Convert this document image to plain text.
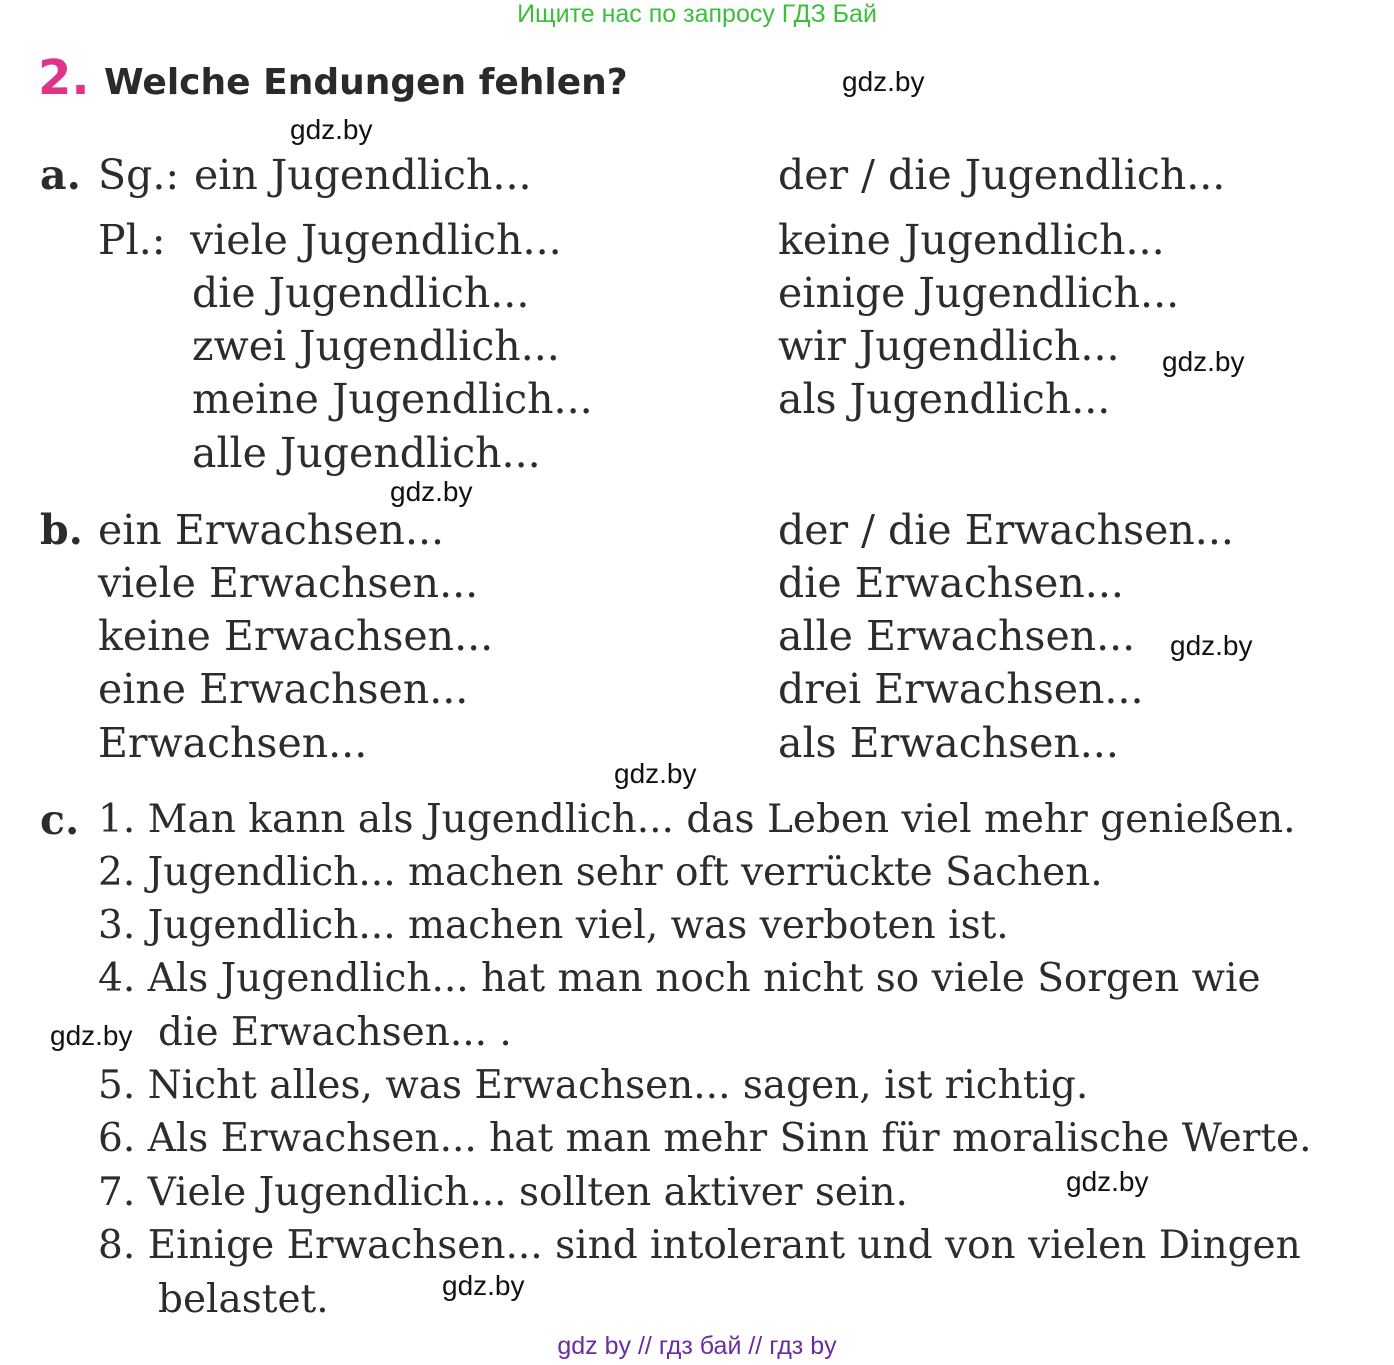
Ищите нас по запросу ГДЗ Бай
2. Welche Endungen fehlen?	gdz.by
gdz.by
gdz.by
gdz.by
gdz.by
gdz.by
gdz.by
gdz.by
gdz.by
a. Sg.: ein Jugendlich...
Pl.: viele Jugendlich...
die Jugendlich...
zwei Jugendlich...
meine Jugendlich...
alle Jugendlich...
der / die Jugendlich...
keine Jugendlich...
einige Jugendlich...
wir Jugendlich...
als Jugendlich...
b. ein Erwachsen...
viele Erwachsen...
keine Erwachsen...
eine Erwachsen...
Erwachsen...
der / die Erwachsen...
die Erwachsen...
alle Erwachsen...
drei Erwachsen...
als Erwachsen...
c. 1. Man kann als Jugendlich... das Leben viel mehr genießen.
2. Jugendlich... machen sehr oft verrückte Sachen.
3. Jugendlich... machen viel, was verboten ist.
4. Als Jugendlich... hat man noch nicht so viele Sorgen wie
die Erwachsen... .
5. Nicht alles, was Erwachsen... sagen, ist richtig.
6. Als Erwachsen... hat man mehr Sinn für moralische Werte.
7. Viele Jugendlich... sollten aktiver sein.
8. Einige Erwachsen... sind intolerant und von vielen Dingen
belastet.
gdz by // гдз бай // гдз by
